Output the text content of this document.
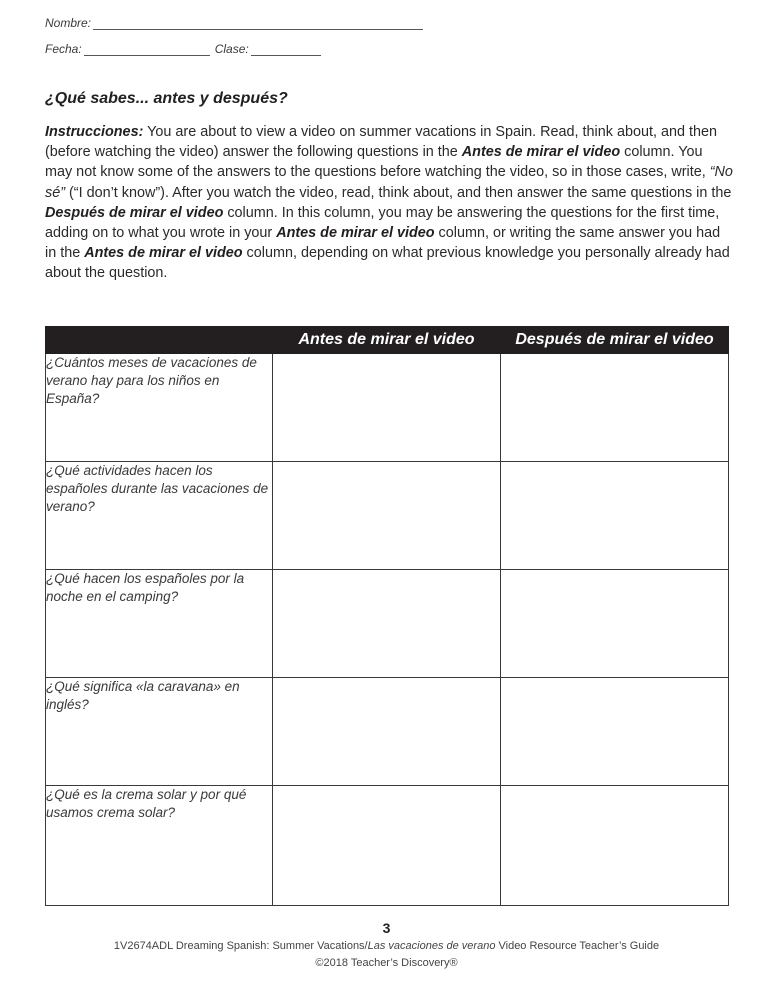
Nombre:
Fecha:	Clase:
¿Qué sabes... antes y después?

Instrucciones: You are about to view a video on summer vacations in Spain. Read, think about, and then (before watching the video) answer the following questions in the Antes de mirar el video column. You may not know some of the answers to the questions before watching the video, so in those cases, write, “No sé” (“I don’t know”). After you watch the video, read, think about, and then answer the same questions in the Después de mirar el video column. In this column, you may be answering the questions for the first time, adding on to what you wrote in your Antes de mirar el video column, or writing the same answer you had in the Antes de mirar el video column, depending on what previous knowledge you personally already had about the question.

	Antes de mirar el video	Después de mirar el video
¿Cuántos meses de vacaciones de verano hay para los niños en España?		
¿Qué actividades hacen los españoles durante las vacaciones de verano?		
¿Qué hacen los españoles por la noche en el camping?		
¿Qué significa «la caravana» en inglés?		
¿Qué es la crema solar y por qué usamos crema solar?		
3
1V2674ADL Dreaming Spanish: Summer Vacations/Las vacaciones de verano Video Resource Teacher’s Guide
©2018 Teacher’s Discovery®
